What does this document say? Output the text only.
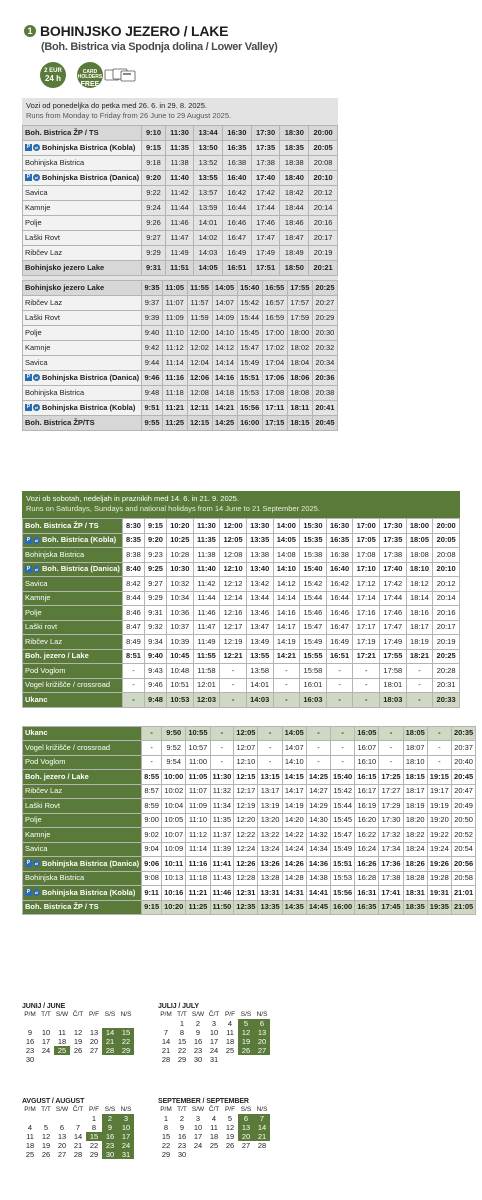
1 BOHINJSKO JEZERO / LAKE
(Boh. Bistrica via Spodnja dolina / Lower Valley)
2 EUR
24 h
CARD HOLDERS
FREE
Vozi od ponedeljka do petka med 26. 6. in 29. 8. 2025.
Runs from Monday to Friday from 26 June to 29 August 2025.
Boh. Bistrica ŽP / TS	9:10	11:30	13:44	16:30	17:30	18:30	20:00
P ⇄ Bohinjska Bistrica (Kobla)	9:15	11:35	13:50	16:35	17:35	18:35	20:05
Bohinjska Bistrica	9:18	11:38	13:52	16:38	17:38	18:38	20:08
P ⇄ Bohinjska Bistrica (Danica)	9:20	11:40	13:55	16:40	17:40	18:40	20:10
Savica	9:22	11:42	13:57	16:42	17:42	18:42	20:12
Kamnje	9:24	11:44	13:59	16:44	17:44	18:44	20:14
Polje	9:26	11:46	14:01	16:46	17:46	18:46	20:16
Laški Rovt	9:27	11:47	14:02	16:47	17:47	18:47	20:17
Ribčev Laz	9:29	11:49	14:03	16:49	17:49	18:49	20:19
Bohinjsko jezero Lake	9:31	11:51	14:05	16:51	17:51	18:50	20:21
Bohinjsko jezero Lake	9:35	11:05	11:55	14:05	15:40	16:55	17:55	20:25
Ribčev Laz	9:37	11:07	11:57	14:07	15:42	16:57	17:57	20:27
Laški Rovt	9:39	11:09	11:59	14:09	15:44	16:59	17:59	20:29
Polje	9:40	11:10	12:00	14:10	15:45	17:00	18:00	20:30
Kamnje	9:42	11:12	12:02	14:12	15:47	17:02	18:02	20:32
Savica	9:44	11:14	12:04	14:14	15:49	17:04	18:04	20:34
P ⇄ Bohinjska Bistrica (Danica)	9:46	11:16	12:06	14:16	15:51	17:06	18:06	20:36
Bohinjska Bistrica	9:48	11:18	12:08	14:18	15:53	17:08	18:08	20:38
P ⇄ Bohinjska Bistrica (Kobla)	9:51	11:21	12:11	14:21	15:56	17:11	18:11	20:41
Boh. Bistrica ŽP/TS	9:55	11:25	12:15	14:25	16:00	17:15	18:15	20:45
Vozi ob sobotah, nedeljah in praznikih med 14. 6. in 21. 9. 2025.
Runs on Saturdays, Sundays and national holidays from 14 June to 21 September 2025.
Boh. Bistrica ŽP / TS	8:30	9:15	10:20	11:30	12:00	13:30	14:00	15:30	16:30	17:00	17:30	18:00	20:00
P ⇄ Boh. Bistrica (Kobla)	8:35	9:20	10:25	11:35	12:05	13:35	14:05	15:35	16:35	17:05	17:35	18:05	20:05
Bohinjska Bistrica	8:38	9:23	10:28	11:38	12:08	13:38	14:08	15:38	16:38	17:08	17:38	18:08	20:08
P ⇄ Boh. Bistrica (Danica)	8:40	9:25	10:30	11:40	12:10	13:40	14:10	15:40	16:40	17:10	17:40	18:10	20:10
Savica	8:42	9:27	10:32	11:42	12:12	13:42	14:12	15:42	16:42	17:12	17:42	18:12	20:12
Kamnje	8:44	9:29	10:34	11:44	12:14	13:44	14:14	15:44	16:44	17:14	17:44	18:14	20:14
Polje	8:46	9:31	10:36	11:46	12:16	13:46	14:16	15:46	16:46	17:16	17:46	18:16	20:16
Laški rovt	8:47	9:32	10:37	11:47	12:17	13:47	14:17	15:47	16:47	17:17	17:47	18:17	20:17
Ribčev Laz	8:49	9:34	10:39	11:49	12:19	13:49	14:19	15:49	16:49	17:19	17:49	18:19	20:19
Boh. jezero / Lake	8:51	9:40	10:45	11:55	12:21	13:55	14:21	15:55	16:51	17:21	17:55	18:21	20:25
Pod Voglom	-	9:43	10:48	11:58	-	13:58	-	15:58	-	-	17:58	-	20:28
Vogel križišče / crossroad	-	9:46	10:51	12:01	-	14:01	-	16:01	-	-	18:01	-	20:31
Ukanc	-	9:48	10:53	12:03	-	14:03	-	16:03	-	-	18:03	-	20:33
Ukanc	-	9:50	10:55	-	12:05	-	14:05	-	-	16:05	-	18:05	-	20:35
Vogel križišče / crossroad	-	9:52	10:57	-	12:07	-	14:07	-	-	16:07	-	18:07	-	20:37
Pod Voglom	-	9:54	11:00	-	12:10	-	14:10	-	-	16:10	-	18:10	-	20:40
Boh. jezero / Lake	8:55	10:00	11:05	11:30	12:15	13:15	14:15	14:25	15:40	16:15	17:25	18:15	19:15	20:45
Ribčev Laz	8:57	10:02	11:07	11:32	12:17	13:17	14:17	14:27	15:42	16:17	17:27	18:17	19:17	20:47
Laški Rovt	8:59	10:04	11:09	11:34	12:19	13:19	14:19	14:29	15:44	16:19	17:29	18:19	19:19	20:49
Polje	9:00	10:05	11:10	11:35	12:20	13:20	14:20	14:30	15:45	16:20	17:30	18:20	19:20	20:50
Kamnje	9:02	10:07	11:12	11:37	12:22	13:22	14:22	14:32	15:47	16:22	17:32	18:22	19:22	20:52
Savica	9:04	10:09	11:14	11:39	12:24	13:24	14:24	14:34	15:49	16:24	17:34	18:24	19:24	20:54
P ⇄ Bohinjska Bistrica (Danica)	9:06	10:11	11:16	11:41	12:26	13:26	14:26	14:36	15:51	16:26	17:36	18:26	19:26	20:56
Bohinjska Bistrica	9:08	10:13	11:18	11:43	12:28	13:28	14:28	14:38	15:53	16:28	17:38	18:28	19:28	20:58
P ⇄ Bohinjska Bistrica (Kobla)	9:11	10:16	11:21	11:46	12:31	13:31	14:31	14:41	15:56	16:31	17:41	18:31	19:31	21:01
Boh. Bistrica ŽP / TS	9:15	10:20	11:25	11:50	12:35	13:35	14:35	14:45	16:00	16:35	17:45	18:35	19:35	21:05
JUNIJ / JUNE
P/M	T/T	S/W	Č/T	P/F	S/S	N/S

9	10	11	12	13	14	15
16	17	18	19	20	21	22
23	24	25	26	27	28	29
30						
JULIJ / JULY
P/M	T/T	S/W	Č/T	P/F	S/S	N/S
	1	2	3	4	5	6
7	8	9	10	11	12	13
14	15	16	17	18	19	20
21	22	23	24	25	26	27
28	29	30	31			
AVGUST / AUGUST
P/M	T/T	S/W	Č/T	P/F	S/S	N/S
				1	2	3
4	5	6	7	8	9	10
11	12	13	14	15	16	17
18	19	20	21	22	23	24
25	26	27	28	29	30	31
SEPTEMBER / SEPTEMBER
P/M	T/T	S/W	Č/T	P/F	S/S	N/S
1	2	3	4	5	6	7
8	9	10	11	12	13	14
15	16	17	18	19	20	21
22	23	24	25	26	27	28
29	30					
